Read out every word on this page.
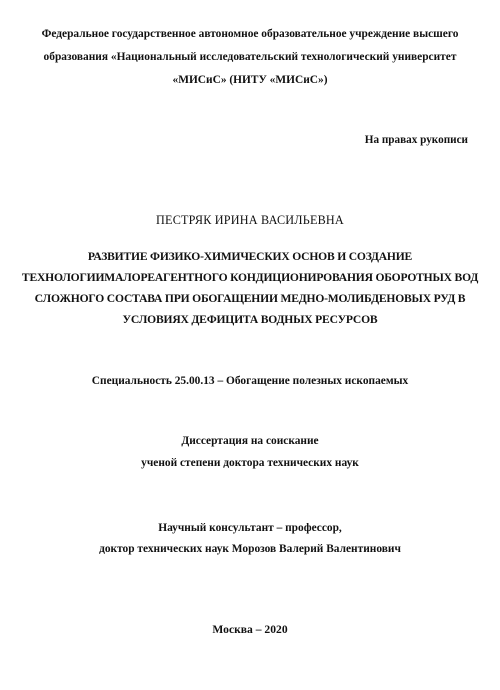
Федеральное государственное автономное образовательное учреждение высшего
образования «Национальный исследовательский технологический университет
«МИСиС» (НИТУ «МИСиС»)
На правах рукописи
ПЕСТРЯК ИРИНА ВАСИЛЬЕВНА
РАЗВИТИЕ ФИЗИКО-ХИМИЧЕСКИХ ОСНОВ И СОЗДАНИЕ
ТЕХНОЛОГИИМАЛОРЕАГЕНТНОГО КОНДИЦИОНИРОВАНИЯ ОБОРОТНЫХ ВОД
СЛОЖНОГО СОСТАВА ПРИ ОБОГАЩЕНИИ МЕДНО-МОЛИБДЕНОВЫХ РУД В
УСЛОВИЯХ ДЕФИЦИТА ВОДНЫХ РЕСУРСОВ
Специальность 25.00.13 – Обогащение полезных ископаемых
Диссертация на соискание
ученой степени доктора технических наук
Научный консультант – профессор,
доктор технических наук Морозов Валерий Валентинович
Москва – 2020
